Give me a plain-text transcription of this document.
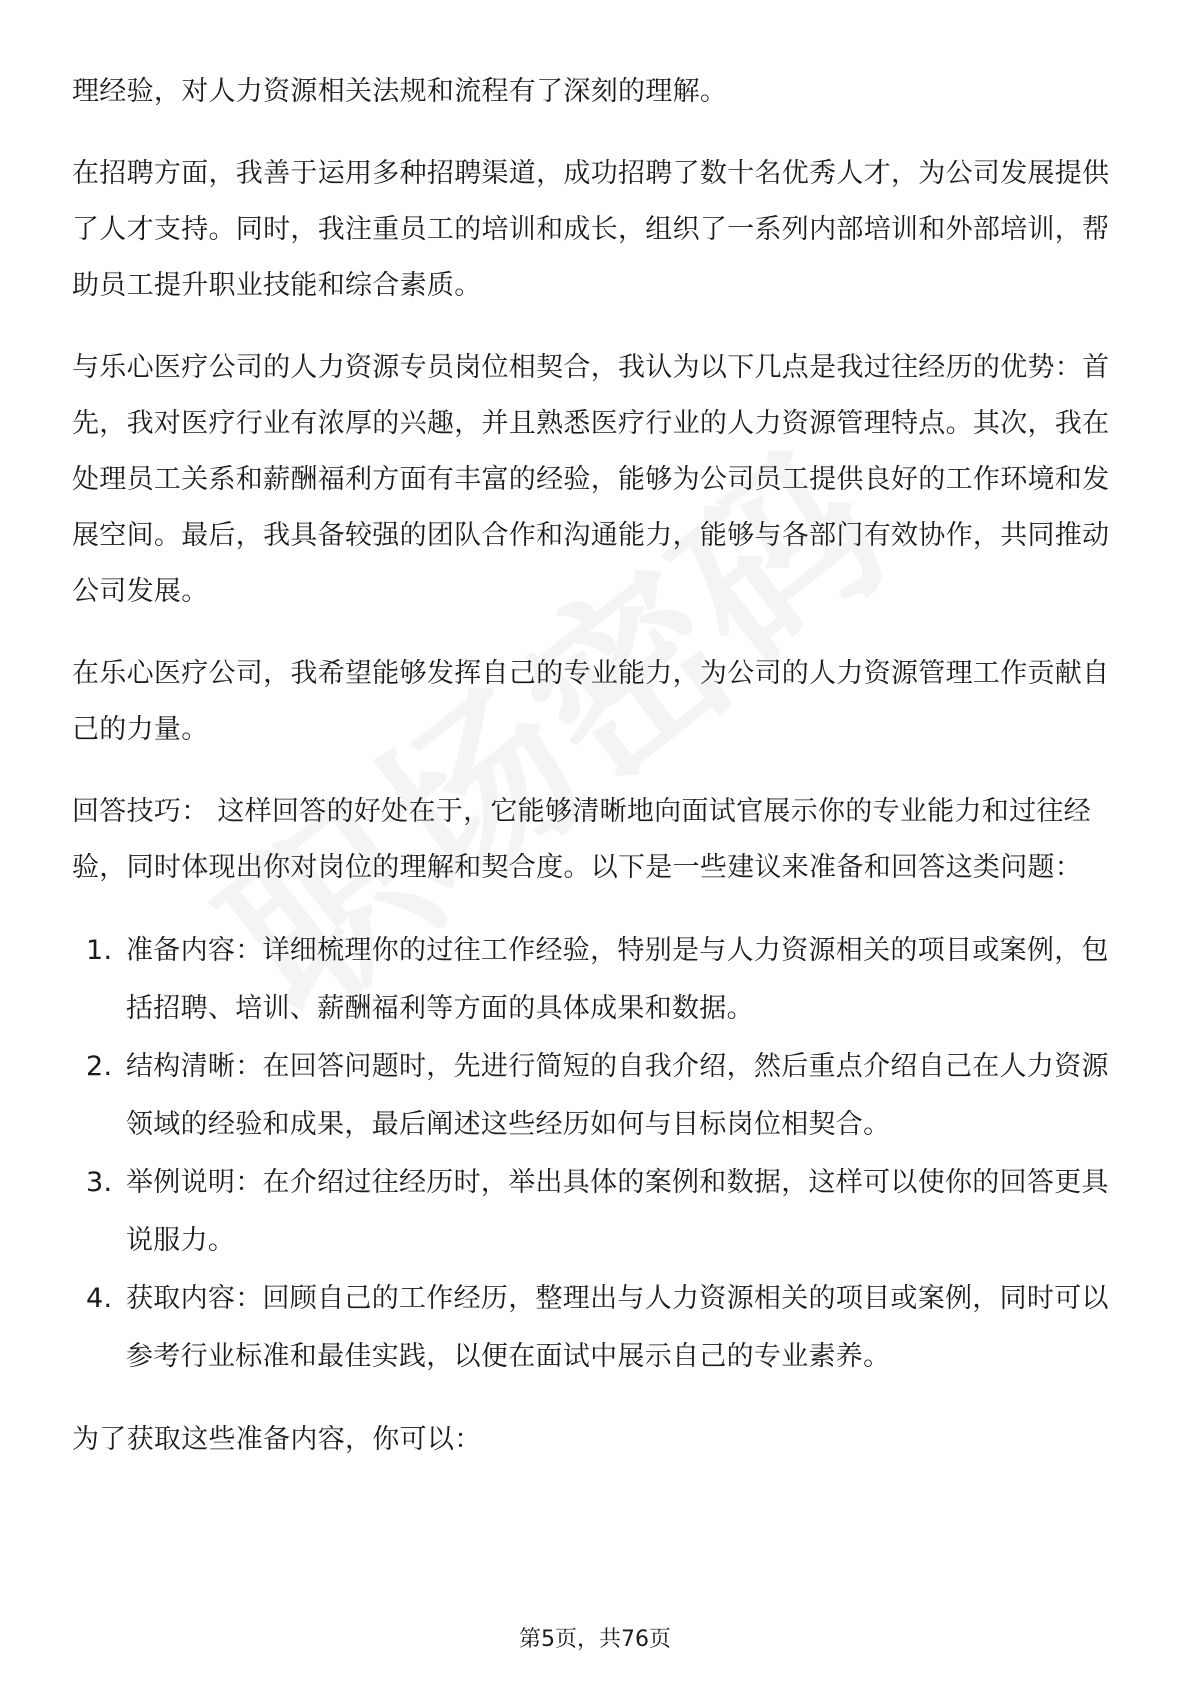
理经验，对人力资源相关法规和流程有了深刻的理解。

在招聘方面，我善于运用多种招聘渠道，成功招聘了数十名优秀人才，为公司发展提供了人才支持。同时，我注重员工的培训和成长，组织了一系列内部培训和外部培训，帮助员工提升职业技能和综合素质。

与乐心医疗公司的人力资源专员岗位相契合，我认为以下几点是我过往经历的优势：首先，我对医疗行业有浓厚的兴趣，并且熟悉医疗行业的人力资源管理特点。其次，我在处理员工关系和薪酬福利方面有丰富的经验，能够为公司员工提供良好的工作环境和发展空间。最后，我具备较强的团队合作和沟通能力，能够与各部门有效协作，共同推动公司发展。

在乐心医疗公司，我希望能够发挥自己的专业能力，为公司的人力资源管理工作贡献自己的力量。

回答技巧： 这样回答的好处在于，它能够清晰地向面试官展示你的专业能力和过往经验，同时体现出你对岗位的理解和契合度。以下是一些建议来准备和回答这类问题：

1. 准备内容：详细梳理你的过往工作经验，特别是与人力资源相关的项目或案例，包括招聘、培训、薪酬福利等方面的具体成果和数据。
2. 结构清晰：在回答问题时，先进行简短的自我介绍，然后重点介绍自己在人力资源领域的经验和成果，最后阐述这些经历如何与目标岗位相契合。
3. 举例说明：在介绍过往经历时，举出具体的案例和数据，这样可以使你的回答更具说服力。
4. 获取内容：回顾自己的工作经历，整理出与人力资源相关的项目或案例，同时可以参考行业标准和最佳实践，以便在面试中展示自己的专业素养。

为了获取这些准备内容，你可以：

第5页，共76页
